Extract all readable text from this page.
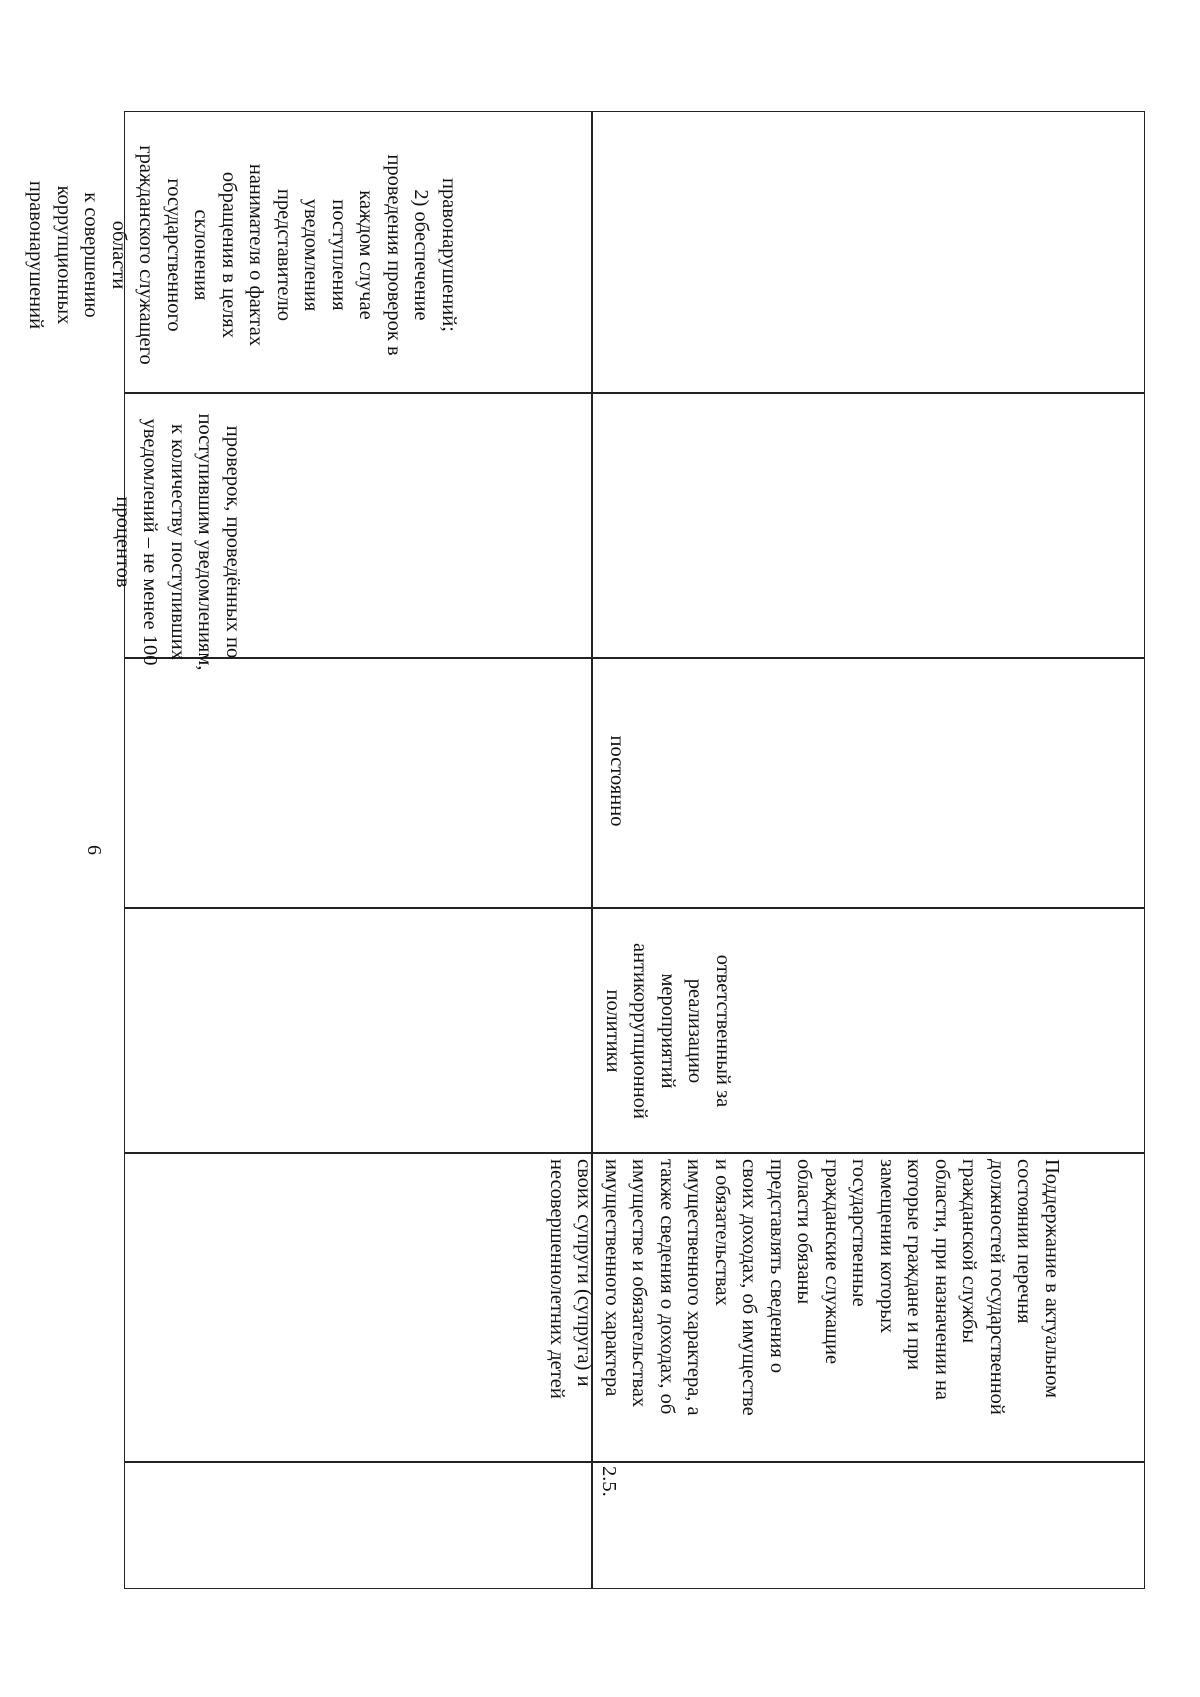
6
проверок, проведённых по
поступившим уведомлениям,
к количеству поступивших
уведомлений – не менее 100
процентов
правонарушений;
2) обеспечение
проведения проверок в
каждом случае
поступления
уведомления
представителю
нанимателя о фактах
обращения в целях
склонения
государственного
гражданского служащего
области
к совершению
коррупционных
правонарушений
2.5.
Поддержание в актуальном
состоянии перечня
должностей государственной
гражданской службы
области, при назначении на
которые граждане и при
замещении которых
государственные
гражданские служащие
области обязаны
представлять сведения о
своих доходах, об имуществе
и обязательствах
имущественного характера, а
также сведения о доходах, об
имуществе и обязательствах
имущественного характера
своих супруги (супруга) и
несовершеннолетних детей
ответственный за
реализацию
мероприятий
антикоррупционной
политики
постоянно
